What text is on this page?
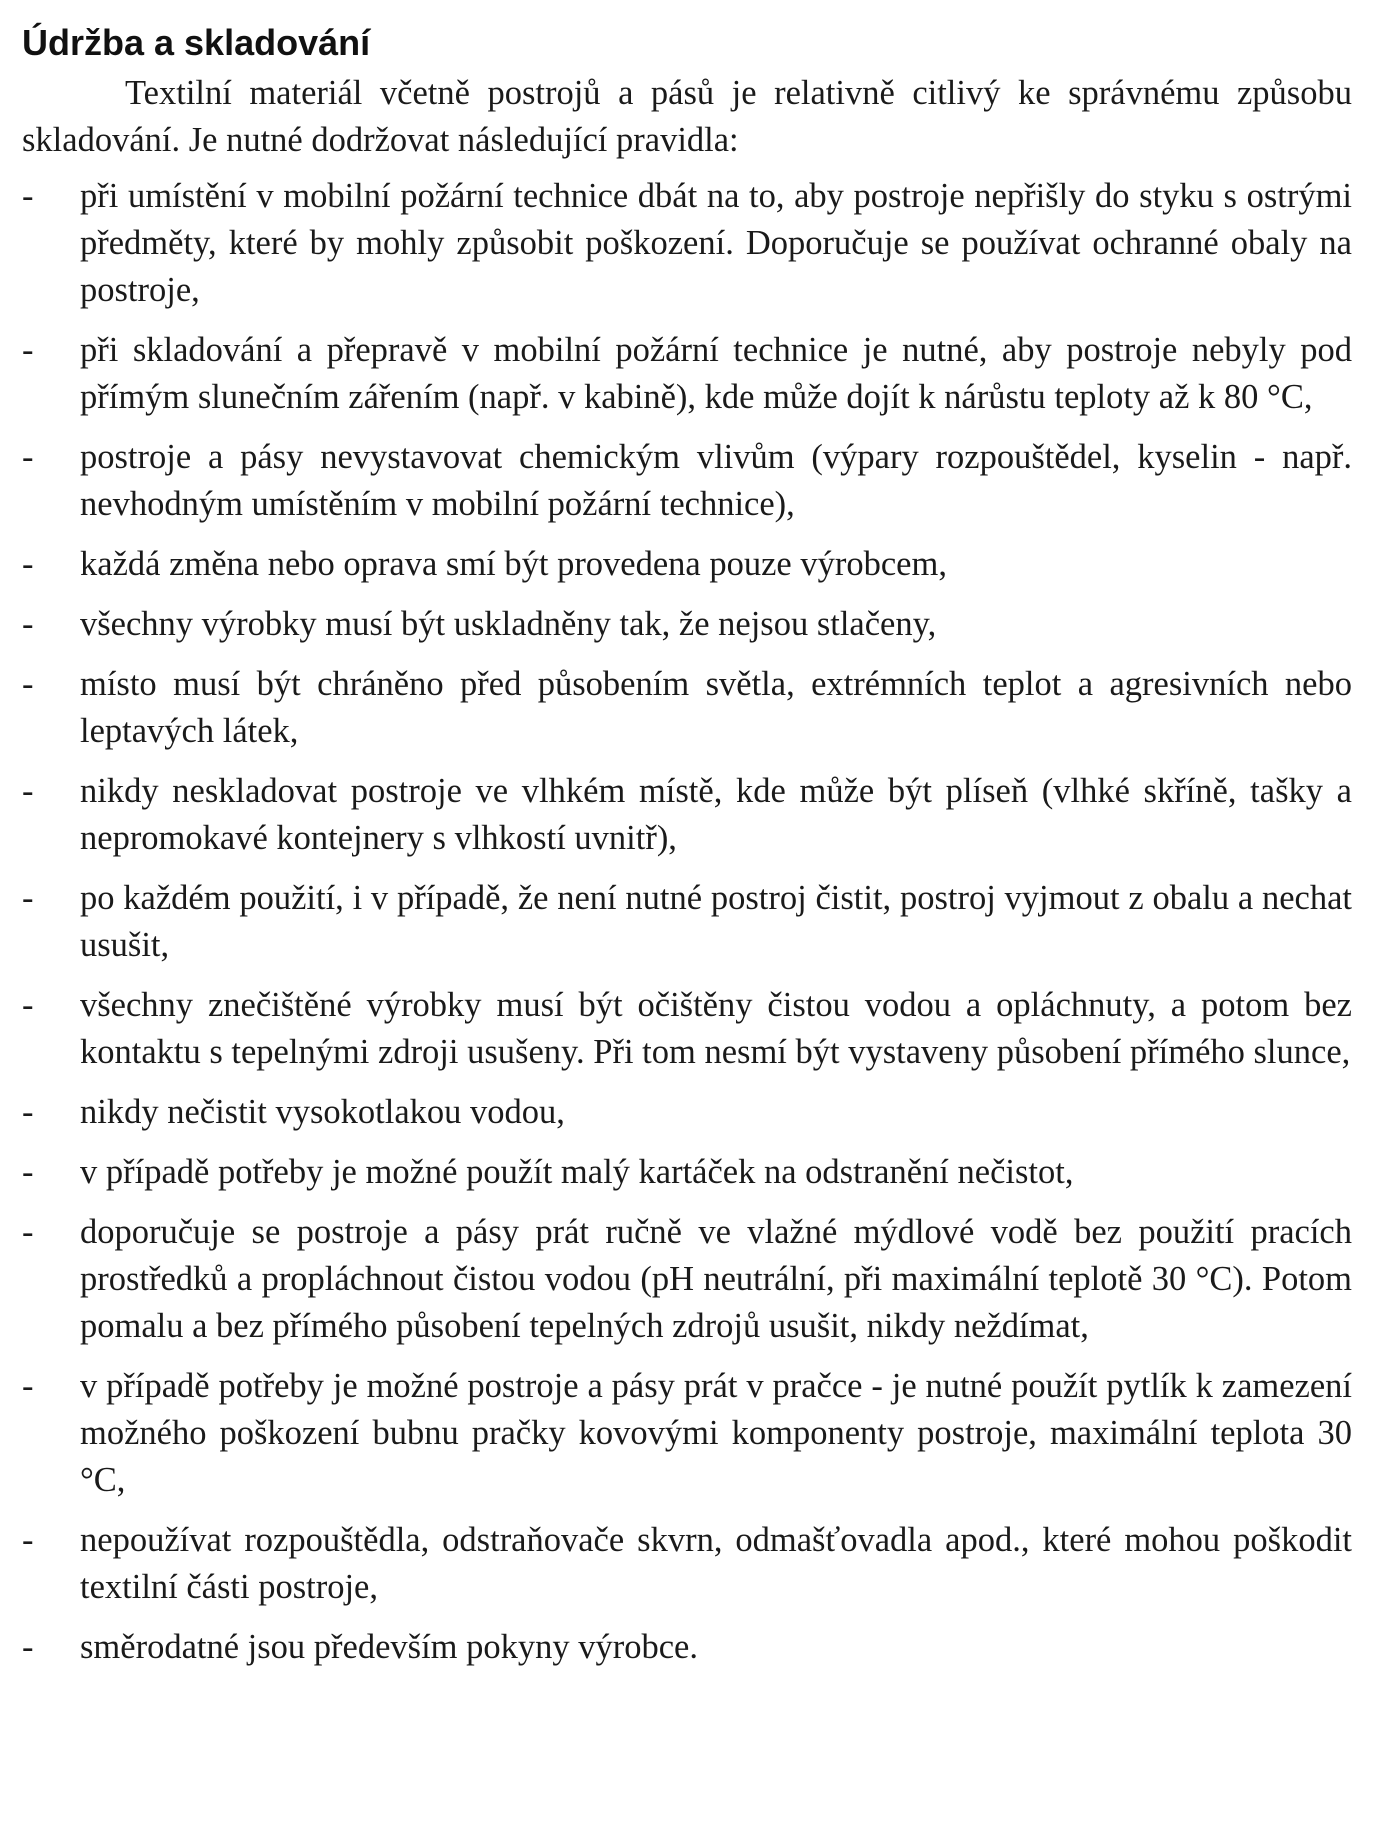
Údržba a skladování

Textilní materiál včetně postrojů a pásů je relativně citlivý ke správnému způsobu skladování. Je nutné dodržovat následující pravidla:

- při umístění v mobilní požární technice dbát na to, aby postroje nepřišly do styku s ostrými předměty, které by mohly způsobit poškození. Doporučuje se používat ochranné obaly na postroje,
- při skladování a přepravě v mobilní požární technice je nutné, aby postroje nebyly pod přímým slunečním zářením (např. v kabině), kde může dojít k nárůstu teploty až k 80 °C,
- postroje a pásy nevystavovat chemickým vlivům (výpary rozpouštědel, kyselin - např. nevhodným umístěním v mobilní požární technice),
- každá změna nebo oprava smí být provedena pouze výrobcem,
- všechny výrobky musí být uskladněny tak, že nejsou stlačeny,
- místo musí být chráněno před působením světla, extrémních teplot a agresivních nebo leptavých látek,
- nikdy neskladovat postroje ve vlhkém místě, kde může být plíseň (vlhké skříně, tašky a nepromokavé kontejnery s vlhkostí uvnitř),
- po každém použití, i v případě, že není nutné postroj čistit, postroj vyjmout z obalu a nechat usušit,
- všechny znečištěné výrobky musí být očištěny čistou vodou a opláchnuty, a potom bez kontaktu s tepelnými zdroji usušeny. Při tom nesmí být vystaveny působení přímého slunce,
- nikdy nečistit vysokotlakou vodou,
- v případě potřeby je možné použít malý kartáček na odstranění nečistot,
- doporučuje se postroje a pásy prát ručně ve vlažné mýdlové vodě bez použití pracích prostředků a propláchnout čistou vodou (pH neutrální, při maximální teplotě 30 °C). Potom pomalu a bez přímého působení tepelných zdrojů usušit, nikdy neždímat,
- v případě potřeby je možné postroje a pásy prát v pračce - je nutné použít pytlík k zamezení možného poškození bubnu pračky kovovými komponenty postroje, maximální teplota 30 °C,
- nepoužívat rozpouštědla, odstraňovače skvrn, odmašťovadla apod., které mohou poškodit textilní části postroje,
- směrodatné jsou především pokyny výrobce.
